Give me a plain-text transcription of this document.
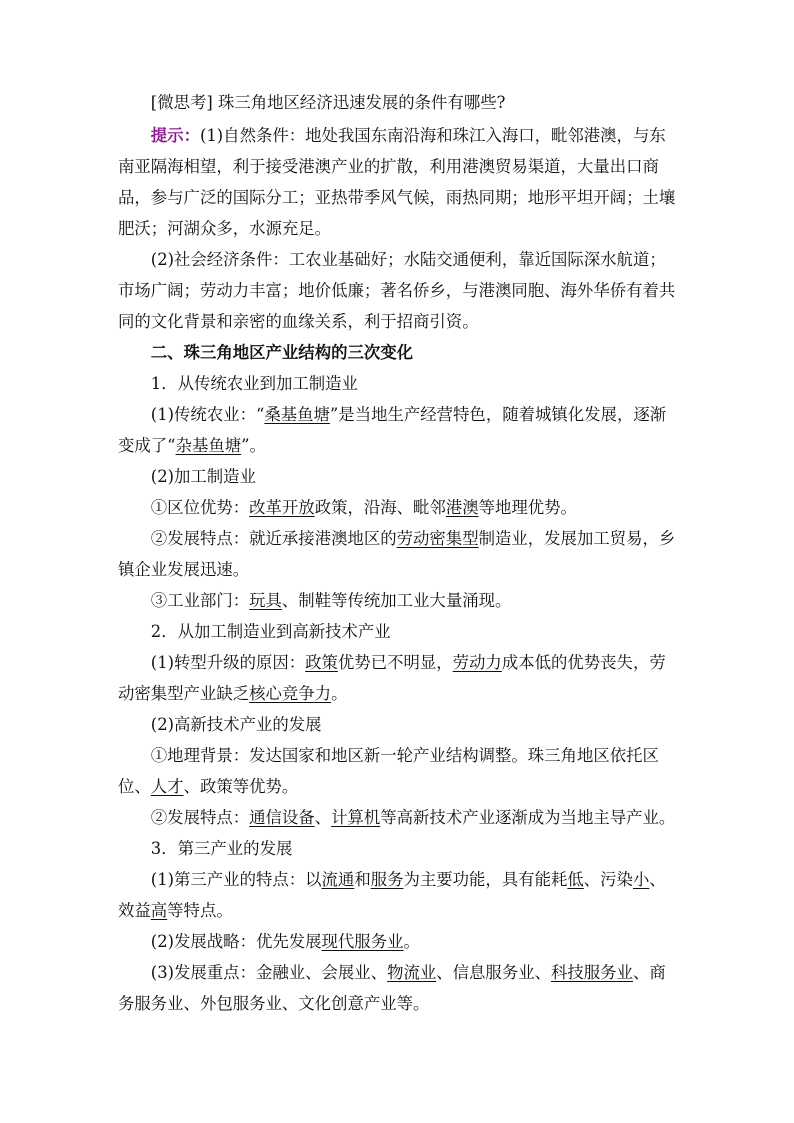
[微思考] 珠三角地区经济迅速发展的条件有哪些?

提示：(1)自然条件：地处我国东南沿海和珠江入海口，毗邻港澳，与东南亚隔海相望，利于接受港澳产业的扩散，利用港澳贸易渠道，大量出口商品，参与广泛的国际分工；亚热带季风气候，雨热同期；地形平坦开阔；土壤肥沃；河湖众多，水源充足。

(2)社会经济条件：工农业基础好；水陆交通便利，靠近国际深水航道；市场广阔；劳动力丰富；地价低廉；著名侨乡，与港澳同胞、海外华侨有着共同的文化背景和亲密的血缘关系，利于招商引资。

二、珠三角地区产业结构的三次变化

1．从传统农业到加工制造业

(1)传统农业：“桑基鱼塘”是当地生产经营特色，随着城镇化发展，逐渐变成了“杂基鱼塘”。

(2)加工制造业

①区位优势：改革开放政策，沿海、毗邻港澳等地理优势。

②发展特点：就近承接港澳地区的劳动密集型制造业，发展加工贸易，乡镇企业发展迅速。

③工业部门：玩具、制鞋等传统加工业大量涌现。

2．从加工制造业到高新技术产业

(1)转型升级的原因：政策优势已不明显，劳动力成本低的优势丧失，劳动密集型产业缺乏核心竞争力。

(2)高新技术产业的发展

①地理背景：发达国家和地区新一轮产业结构调整。珠三角地区依托区位、人才、政策等优势。

②发展特点：通信设备、计算机等高新技术产业逐渐成为当地主导产业。

3．第三产业的发展

(1)第三产业的特点：以流通和服务为主要功能，具有能耗低、污染小、效益高等特点。

(2)发展战略：优先发展现代服务业。

(3)发展重点：金融业、会展业、物流业、信息服务业、科技服务业、商务服务业、外包服务业、文化创意产业等。
